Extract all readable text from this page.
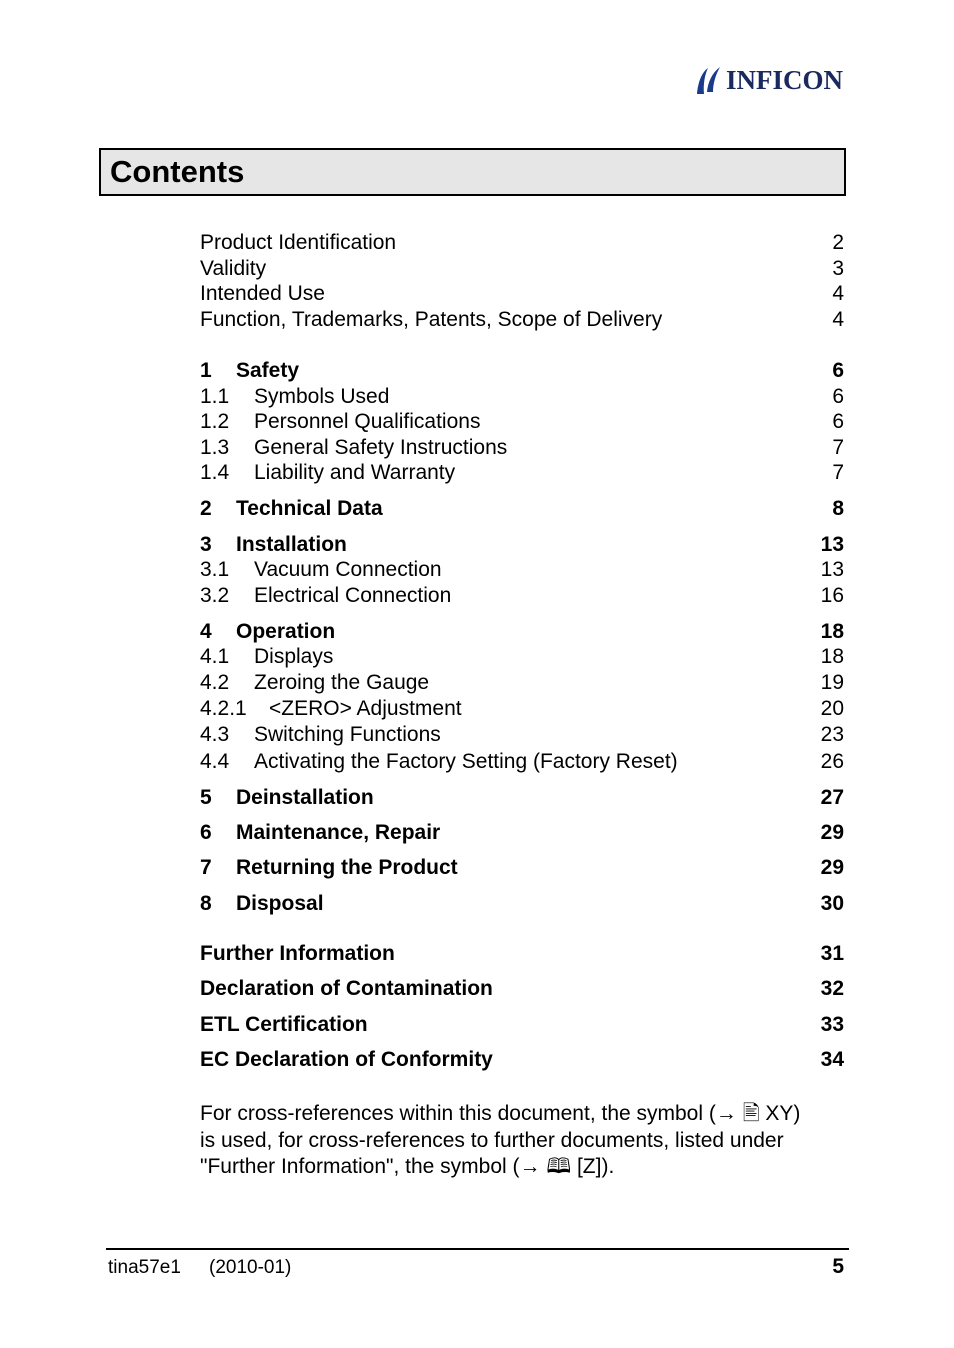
INFICON
Contents
Product Identification	2
Validity	3
Intended Use	4
Function, Trademarks, Patents, Scope of Delivery	4
1 Safety	6
1.1 Symbols Used	6
1.2 Personnel Qualifications	6
1.3 General Safety Instructions	7
1.4 Liability and Warranty	7
2 Technical Data	8
3 Installation	13
3.1 Vacuum Connection	13
3.2 Electrical Connection	16
4 Operation	18
4.1 Displays	18
4.2 Zeroing the Gauge	19
4.2.1 <ZERO> Adjustment	20
4.3 Switching Functions	23
4.4 Activating the Factory Setting (Factory Reset)	26
5 Deinstallation	27
6 Maintenance, Repair	29
7 Returning the Product	29
8 Disposal	30
Further Information	31
Declaration of Contamination	32
ETL Certification	33
EC Declaration of Conformity	34
For cross-references within this document, the symbol (→ 🖹 XY)
is used, for cross-references to further documents, listed under
"Further Information", the symbol (→ 🕮 [Z]).
tina57e1 (2010-01)	5
